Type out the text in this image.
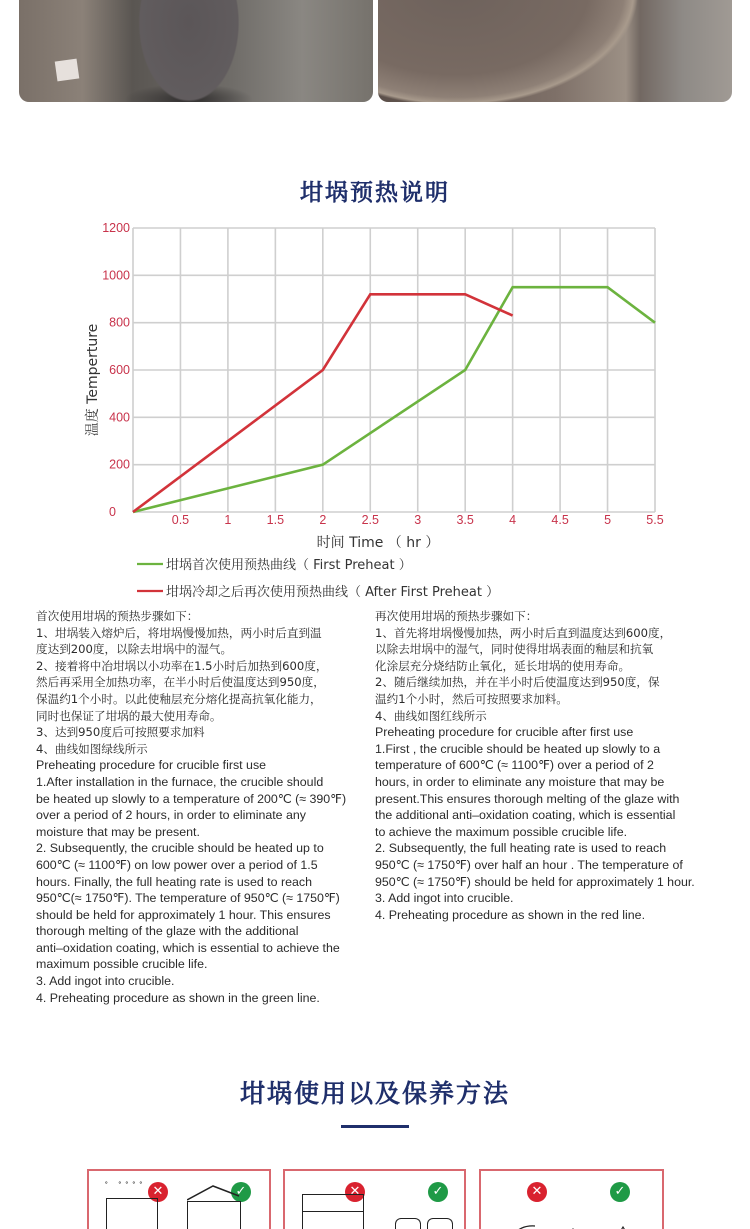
坩埚预热说明
0
200
400
600
800
1000
1200
0.5	1	1.5	2	2.5	3	3.5	4	4.5	5	5.5
温度 Temperture
时间 Time （ hr ）
坩埚首次使用预热曲线（ First Preheat ）
坩埚冷却之后再次使用预热曲线（ After First Preheat ）

首次使用坩埚的预热步骤如下：

1、坩埚装入熔炉后，将坩埚慢慢加热，两小时后直到温

度达到200度，以除去坩埚中的湿气。

2、接着将中冶坩埚以小功率在1.5小时后加热到600度，

然后再采用全加热功率，在半小时后使温度达到950度，

保温约1个小时。以此使釉层充分熔化提高抗氧化能力，

同时也保证了坩埚的最大使用寿命。

3、达到950度后可按照要求加料

4、曲线如图绿线所示

Preheating procedure for crucible first use

1.After installation in the furnace, the crucible should

be heated up slowly to a temperature of 200℃ (≈ 390℉)

over a period of 2 hours, in order to eliminate any

moisture that may be present.

2. Subsequently, the crucible should be heated up to

600℃ (≈ 1100℉) on low power over a period of 1.5

hours. Finally, the full heating rate is used to reach

950℃(≈ 1750℉). The temperature of 950℃ (≈ 1750℉)

should be held for approximately 1 hour. This ensures

thorough melting of the glaze with the additional

anti–oxidation coating, which is essential to achieve the

maximum possible crucible life.

3. Add ingot into crucible.

4. Preheating procedure as shown in the green line.

再次使用坩埚的预热步骤如下：

1、首先将坩埚慢慢加热，两小时后直到温度达到600度，

以除去坩埚中的湿气，同时使得坩埚表面的釉层和抗氧

化涂层充分烧结防止氧化，延长坩埚的使用寿命。

2、随后继续加热，并在半小时后使温度达到950度，保

温约1个小时，然后可按照要求加料。

4、曲线如图红线所示

Preheating procedure for crucible after first use

1.First , the crucible should be heated up slowly to a

temperature of 600℃ (≈ 1100℉) over a period of 2

hours, in order to eliminate any moisture that may be

present.This ensures thorough melting of the glaze with

the additional anti–oxidation coating, which is essential

to achieve the maximum possible crucible life.

2. Subsequently, the full heating rate is used to reach

950℃ (≈ 1750℉) over half an hour . The temperature of

950℃ (≈ 1750℉) should be held for approximately 1 hour.

3. Add ingot into crucible.

4. Preheating procedure as shown in the red line.

坩埚使用以及保养方法
✕	✓
˚ ˚˚˚˚	✕	✓	✕	✓
